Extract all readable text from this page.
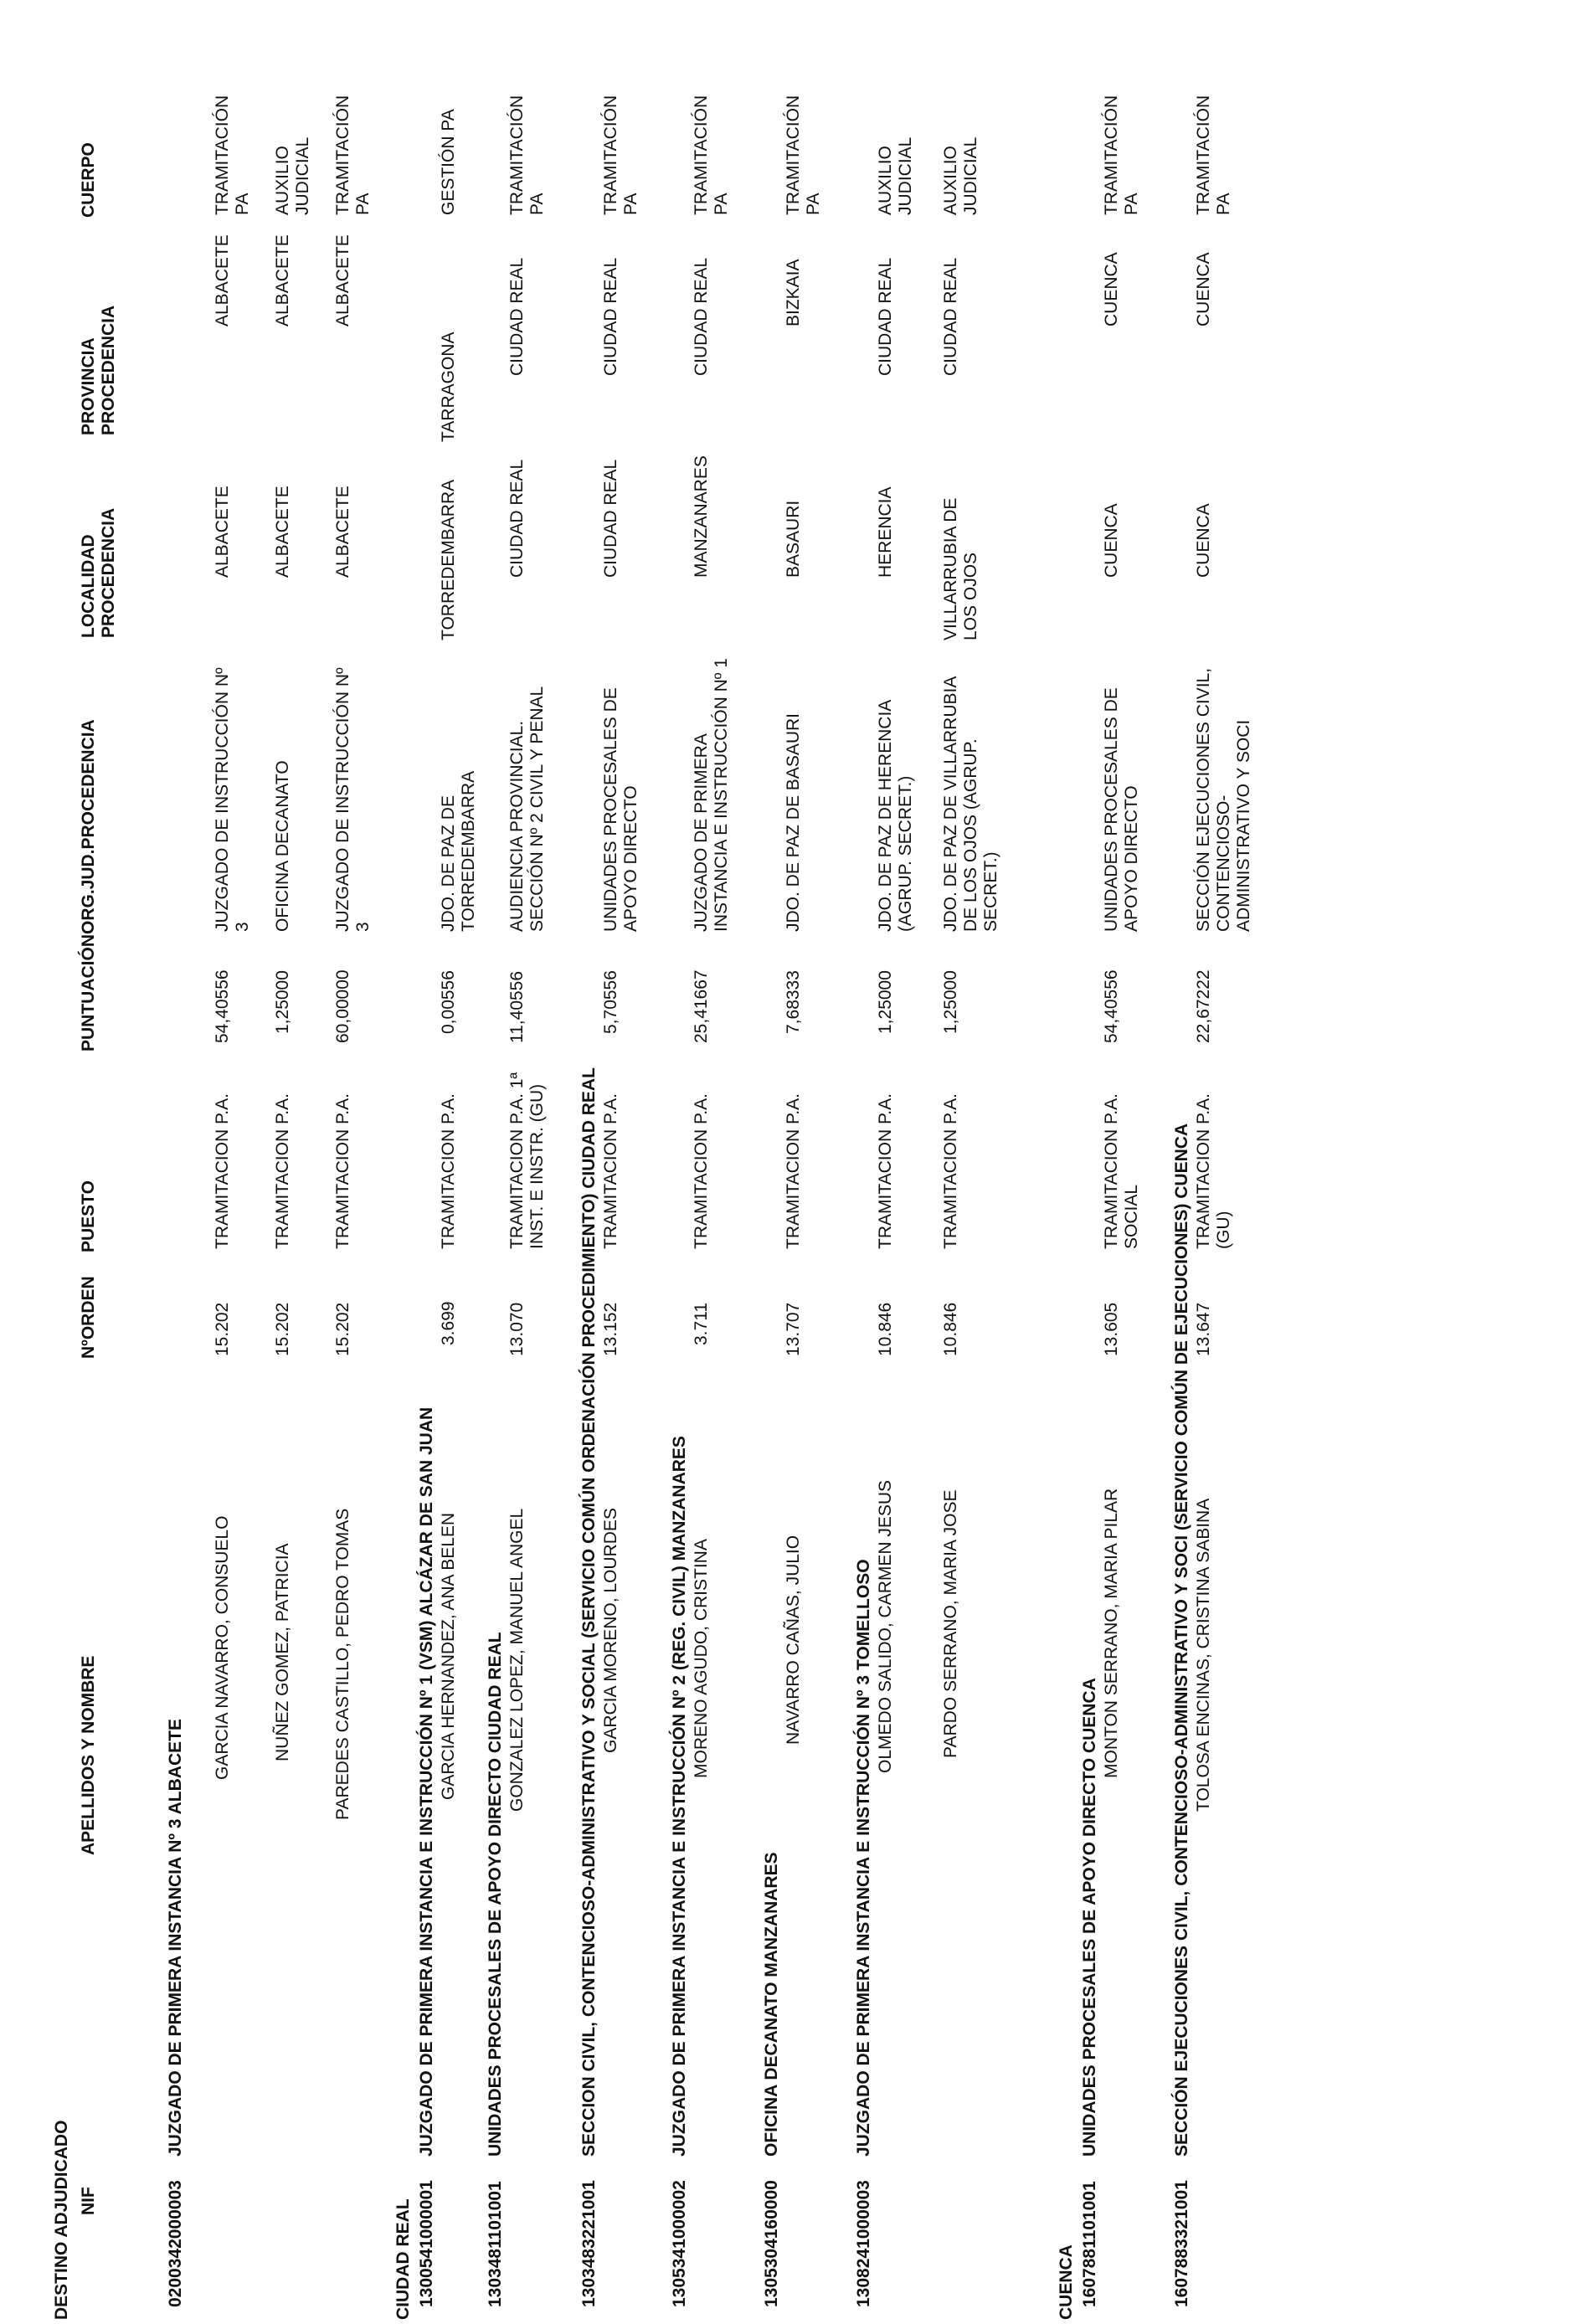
DESTINO ADJUDICADO NIF
APELLIDOS Y NOMBRE
NºORDEN
PUESTO
PUNTUACIÓN
ORG.JUD.PROCEDENCIA
LOCALIDAD
PROCEDENCIA
PROVINCIA
PROCEDENCIA
CUERPO
0200342000003
JUZGADO DE PRIMERA INSTANCIA Nº 3 ALBACETE
GARCIA NAVARRO, CONSUELO
15.202
TRAMITACION P.A.
54,40556
JUZGADO DE INSTRUCCIÓN Nº
3
ALBACETE
ALBACETE
TRAMITACIÓN
PA
NUÑEZ GOMEZ, PATRICIA
15.202
TRAMITACION P.A.
1,25000
OFICINA DECANATO
ALBACETE
ALBACETE
AUXILIO
JUDICIAL
PAREDES CASTILLO, PEDRO TOMAS
15.202
TRAMITACION P.A.
60,00000
JUZGADO DE INSTRUCCIÓN Nº
3
ALBACETE
ALBACETE
TRAMITACIÓN
PA
CIUDAD REAL 1300541000001
JUZGADO DE PRIMERA INSTANCIA E INSTRUCCIÓN Nº 1 (VSM) ALCÁZAR DE SAN JUAN GARCIA HERNANDEZ, ANA BELEN
3.699
TRAMITACION P.A.
0,00556
JDO. DE PAZ DE
TORREDEMBARRA
TORREDEMBARRA
TARRAGONA
GESTIÓN PA
1303481101001
UNIDADES PROCESALES DE APOYO DIRECTO CIUDAD REAL GONZALEZ LOPEZ, MANUEL ANGEL
13.070
TRAMITACION P.A. 1ª
INST. E INSTR. (GU)
11,40556
AUDIENCIA PROVINCIAL.
SECCIÓN Nº 2 CIVIL Y PENAL
CIUDAD REAL
CIUDAD REAL
TRAMITACIÓN
PA
1303483221001
SECCION CIVIL, CONTENCIOSO-ADMINISTRATIVO Y SOCIAL (SERVICIO COMÚN ORDENACIÓN PROCEDIMIENTO) CIUDAD REAL GARCIA MORENO, LOURDES
13.152
TRAMITACION P.A.
5,70556
UNIDADES PROCESALES DE
APOYO DIRECTO
CIUDAD REAL
CIUDAD REAL
TRAMITACIÓN
PA
1305341000002
JUZGADO DE PRIMERA INSTANCIA E INSTRUCCIÓN Nº 2 (REG. CIVIL) MANZANARES MORENO AGUDO, CRISTINA
3.711
TRAMITACION P.A.
25,41667
JUZGADO DE PRIMERA
INSTANCIA E INSTRUCCIÓN Nº 1
MANZANARES
CIUDAD REAL
TRAMITACIÓN
PA
1305304160000
OFICINA DECANATO MANZANARES
NAVARRO CAÑAS, JULIO
13.707
TRAMITACION P.A.
7,68333
JDO. DE PAZ DE BASAURI
BASAURI
BIZKAIA
TRAMITACIÓN
PA
1308241000003
JUZGADO DE PRIMERA INSTANCIA E INSTRUCCIÓN Nº 3 TOMELLOSO OLMEDO SALIDO, CARMEN JESUS
10.846
TRAMITACION P.A.
1,25000
JDO. DE PAZ DE HERENCIA
(AGRUP. SECRET.)
HERENCIA
CIUDAD REAL
AUXILIO
JUDICIAL
PARDO SERRANO, MARIA JOSE
10.846
TRAMITACION P.A.
1,25000
JDO. DE PAZ DE VILLARRUBIA
DE LOS OJOS (AGRUP.
SECRET.)
VILLARRUBIA DE
LOS OJOS
CIUDAD REAL
AUXILIO
JUDICIAL
CUENCA 1607881101001
UNIDADES PROCESALES DE APOYO DIRECTO CUENCA
MONTON SERRANO, MARIA PILAR
13.605
TRAMITACION P.A.
SOCIAL
54,40556
UNIDADES PROCESALES DE
APOYO DIRECTO
CUENCA
CUENCA
TRAMITACIÓN
PA
1607883321001
SECCIÓN EJECUCIONES CIVIL, CONTENCIOSO-ADMINISTRATIVO Y SOCI (SERVICIO COMÚN DE EJECUCIONES) CUENCA TOLOSA ENCINAS, CRISTINA SABINA
13.647
TRAMITACION P.A.
(GU)
22,67222
SECCIÓN EJECUCIONES CIVIL,
CONTENCIOSO-
ADMINISTRATIVO Y SOCI
CUENCA
CUENCA
TRAMITACIÓN
PA
